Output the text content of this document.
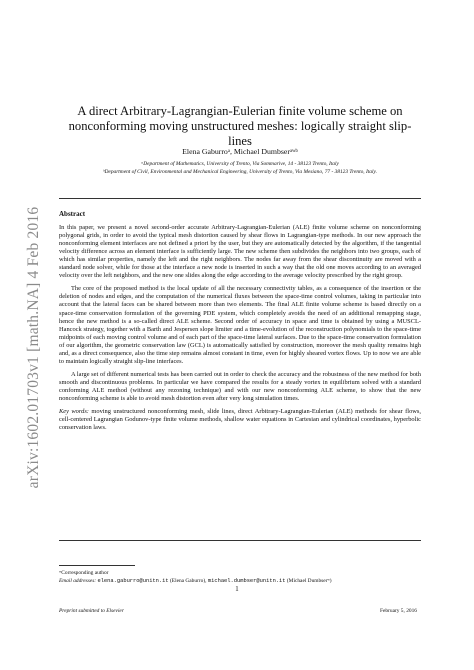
arXiv:1602.01703v1 [math.NA] 4 Feb 2016
A direct Arbitrary-Lagrangian-Eulerian finite volume scheme on
nonconforming moving unstructured meshes: logically straight slip-lines
Elena Gaburroᵃ, Michael Dumbserᵃʷᵇ
ᵃDepartment of Mathematics, University of Trento, Via Sommarive, 14 - 38123 Trento, Italy
ᵇDepartment of Civil, Environmental and Mechanical Engineering, University of Trento, Via Mesiano, 77 - 38123 Trento, Italy.
Abstract

In this paper, we present a novel second-order accurate Arbitrary-Lagrangian-Eulerian (ALE) finite volume scheme on nonconforming polygonal grids, in order to avoid the typical mesh distortion caused by shear flows in Lagrangian-type methods. In our new approach the nonconforming element interfaces are not defined a priori by the user, but they are automatically detected by the algorithm, if the tangential velocity difference across an element interface is sufficiently large. The new scheme then subdivides the neighbors into two groups, each of which has similar properties, namely the left and the right neighbors. The nodes far away from the shear discontinuity are moved with a standard node solver, while for those at the interface a new node is inserted in such a way that the old one moves according to an averaged velocity over the left neighbors, and the new one slides along the edge according to the average velocity prescribed by the right group.

The core of the proposed method is the local update of all the necessary connectivity tables, as a consequence of the insertion or the deletion of nodes and edges, and the computation of the numerical fluxes between the space-time control volumes, taking in particular into account that the lateral faces can be shared between more than two elements. The final ALE finite volume scheme is based directly on a space-time conservation formulation of the governing PDE system, which completely avoids the need of an additional remapping stage, hence the new method is a so-called direct ALE scheme. Second order of accuracy in space and time is obtained by using a MUSCL-Hancock strategy, together with a Barth and Jespersen slope limiter and a time-evolution of the reconstruction polynomials to the space-time midpoints of each moving control volume and of each part of the space-time lateral surfaces. Due to the space-time conservation formulation of our algorithm, the geometric conservation law (GCL) is automatically satisfied by construction, moreover the mesh quality remains high and, as a direct consequence, also the time step remains almost constant in time, even for highly sheared vortex flows. Up to now we are able to maintain logically straight slip-line interfaces.

A large set of different numerical tests has been carried out in order to check the accuracy and the robustness of the new method for both smooth and discontinuous problems. In particular we have compared the results for a steady vortex in equilibrium solved with a standard conforming ALE method (without any rezoning technique) and with our new nonconforming ALE scheme, to show that the new nonconforming scheme is able to avoid mesh distortion even after very long simulation times.

Key words: moving unstructured nonconforming mesh, slide lines, direct Arbitrary-Lagrangian-Eulerian (ALE) methods for shear flows, cell-centered Lagrangian Godunov-type finite volume methods, shallow water equations in Cartesian and cylindrical coordinates, hyperbolic conservation laws.
ʷCorresponding author
Email addresses: elena.gaburro@unitn.it (Elena Gaburro), michael.dumbser@unitn.it (Michael Dumbserʷ)
1
Preprint submitted to Elsevier	February 5, 2016
